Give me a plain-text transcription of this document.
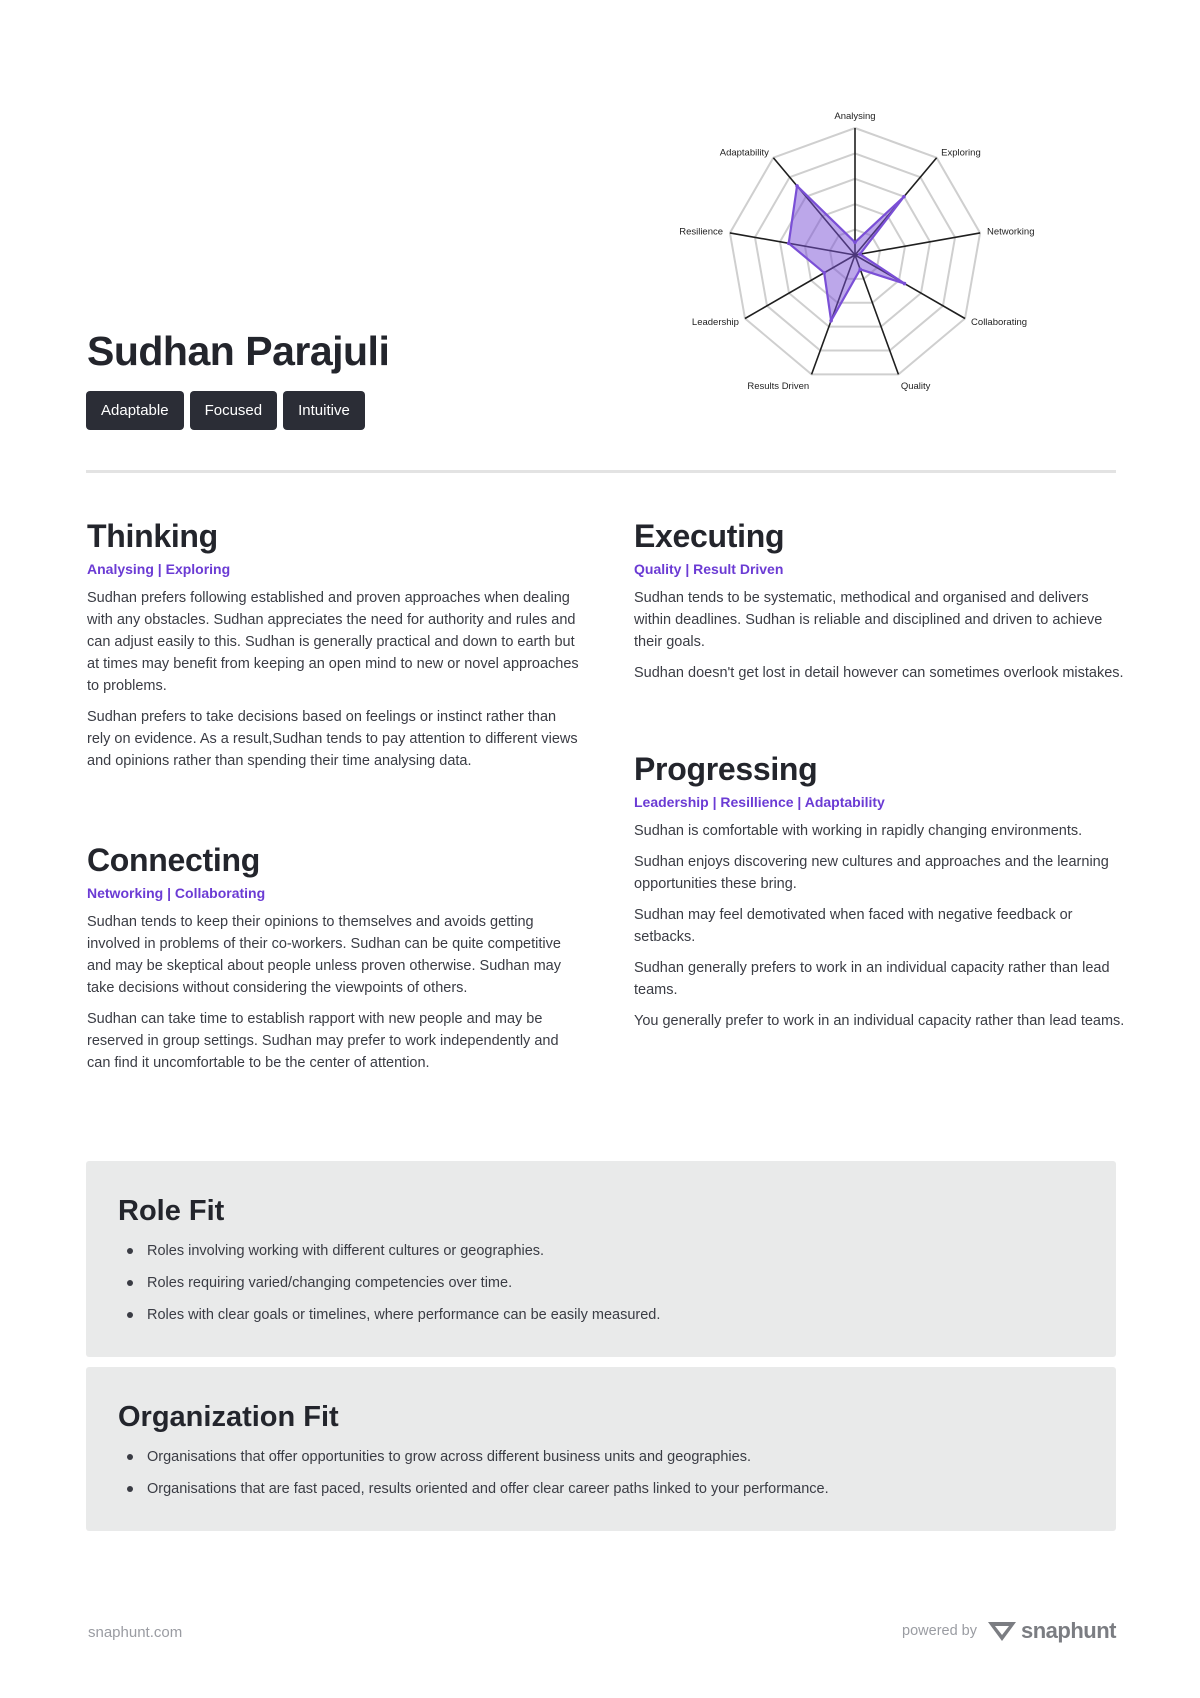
Sudhan Parajuli
Adaptable	Focused	Intuitive
Analysing
Exploring
Networking
Collaborating
Quality
Results Driven
Leadership
Resilience
Adaptability
Thinking
Analysing | Exploring

Sudhan prefers following established and proven approaches when dealing with any obstacles. Sudhan appreciates the need for authority and rules and can adjust easily to this. Sudhan is generally practical and down to earth but at times may benefit from keeping an open mind to new or novel approaches to problems.

Sudhan prefers to take decisions based on feelings or instinct rather than rely on evidence. As a result,Sudhan tends to pay attention to different views and opinions rather than spending their time analysing data.

Executing
Quality | Result Driven

Sudhan tends to be systematic, methodical and organised and delivers within deadlines. Sudhan is reliable and disciplined and driven to achieve their goals.

Sudhan doesn't get lost in detail however can sometimes overlook mistakes.

Connecting
Networking | Collaborating

Sudhan tends to keep their opinions to themselves and avoids getting involved in problems of their co-workers. Sudhan can be quite competitive and may be skeptical about people unless proven otherwise. Sudhan may take decisions without considering the viewpoints of others.

Sudhan can take time to establish rapport with new people and may be reserved in group settings. Sudhan may prefer to work independently and can find it uncomfortable to be the center of attention.

Progressing
Leadership | Resillience | Adaptability

Sudhan is comfortable with working in rapidly changing environments.

Sudhan enjoys discovering new cultures and approaches and the learning opportunities these bring.

Sudhan may feel demotivated when faced with negative feedback or setbacks.

Sudhan generally prefers to work in an individual capacity rather than lead teams.

You generally prefer to work in an individual capacity rather than lead teams.

Role Fit
Roles involving working with different cultures or geographies.
Roles requiring varied/changing competencies over time.
Roles with clear goals or timelines, where performance can be easily measured.
Organization Fit
Organisations that offer opportunities to grow across different business units and geographies.
Organisations that are fast paced, results oriented and offer clear career paths linked to your performance.
snaphunt.com	powered by snaphunt
